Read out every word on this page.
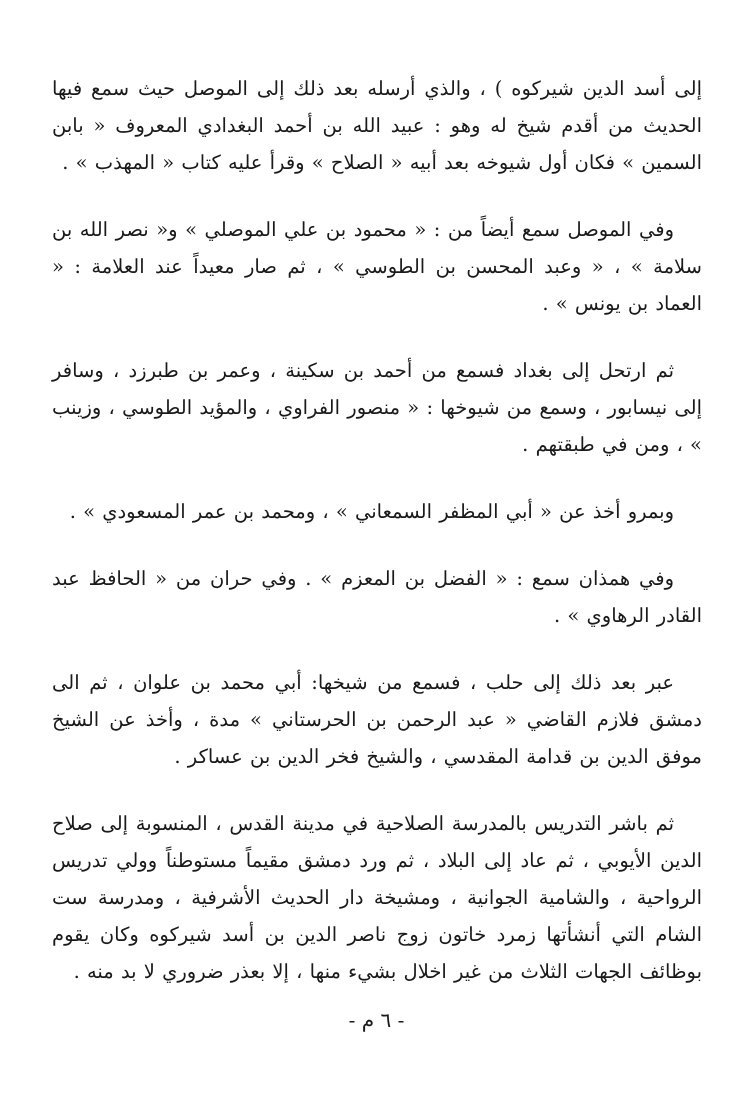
إلى أسد الدين شيركوه ) ، والذي أرسله بعد ذلك إلى الموصل حيث سمع فيها الحديث من أقدم شيخ له وهو : عبيد الله بن أحمد البغدادي المعروف « بابن السمين » فكان أول شيوخه بعد أبيه « الصلاح » وقرأ عليه كتاب « المهذب » .

وفي الموصل سمع أيضاً من : « محمود بن علي الموصلي » و« نصر الله بن سلامة » ، « وعبد المحسن بن الطوسي » ، ثم صار معيداً عند العلامة : « العماد بن يونس » .

ثم ارتحل إلى بغداد فسمع من أحمد بن سكينة ، وعمر بن طبرزد ، وسافر إلى نيسابور ، وسمع من شيوخها : « منصور الفراوي ، والمؤيد الطوسي ، وزينب » ، ومن في طبقتهم .

وبمرو أخذ عن « أبي المظفر السمعاني » ، ومحمد بن عمر المسعودي » .

وفي همذان سمع : « الفضل بن المعزم » . وفي حران من « الحافظ عبد القادر الرهاوي » .

عبر بعد ذلك إلى حلب ، فسمع من شيخها: أبي محمد بن علوان ، ثم الى دمشق فلازم القاضي « عبد الرحمن بن الحرستاني » مدة ، وأخذ عن الشيخ موفق الدين بن قدامة المقدسي ، والشيخ فخر الدين بن عساكر .

ثم باشر التدريس بالمدرسة الصلاحية في مدينة القدس ، المنسوبة إلى صلاح الدين الأيوبي ، ثم عاد إلى البلاد ، ثم ورد دمشق مقيماً مستوطناً وولي تدريس الرواحية ، والشامية الجوانية ، ومشيخة دار الحديث الأشرفية ، ومدرسة ست الشام التي أنشأتها زمرد خاتون زوج ناصر الدين بن أسد شيركوه وكان يقوم بوظائف الجهات الثلاث من غير اخلال بشيء منها ، إلا بعذر ضروري لا بد منه .

- ٦ م -
